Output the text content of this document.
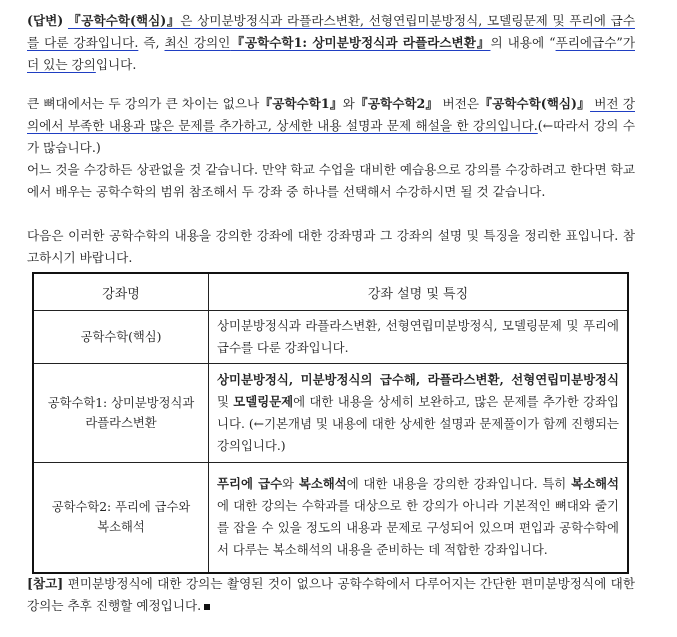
(답변) 『공학수학(핵심)』은 상미분방정식과 라플라스변환, 선형연립미분방정식, 모델링문제 및 푸리에 급수를 다룬 강좌입니다. 즉, 최신 강의인『공학수학1: 상미분방정식과 라플라스변환』의 내용에 “푸리에급수”가 더 있는 강의입니다.
큰 뼈대에서는 두 강의가 큰 차이는 없으나『공학수학1』와『공학수학2』 버전은『공학수학(핵심)』 버전 강의에서 부족한 내용과 많은 문제를 추가하고, 상세한 내용 설명과 문제 해설을 한 강의입니다.(←따라서 강의 수가 많습니다.)
어느 것을 수강하든 상관없을 것 같습니다. 만약 학교 수업을 대비한 예습용으로 강의를 수강하려고 한다면 학교에서 배우는 공학수학의 범위 참조해서 두 강좌 중 하나를 선택해서 수강하시면 될 것 같습니다.
다음은 이러한 공학수학의 내용을 강의한 강좌에 대한 강좌명과 그 강좌의 설명 및 특징을 정리한 표입니다. 참고하시기 바랍니다.
강좌명	강좌 설명 및 특징
공학수학(핵심)	상미분방정식과 라플라스변환, 선형연립미분방정식, 모델링문제 및 푸리에 급수를 다룬 강좌입니다.

공학수학1: 상미분방정식과
라플라스변환	상미분방정식, 미분방정식의 급수해, 라플라스변환, 선형연립미분방정식 및 모델링문제에 대한 내용을 상세히 보완하고, 많은 문제를 추가한 강좌입니다. (←기본개념 및 내용에 대한 상세한 설명과 문제풀이가 함께 진행되는 강의입니다.)

공학수학2: 푸리에 급수와
복소해석	푸리에 급수와 복소해석에 대한 내용을 강의한 강좌입니다. 특히 복소해석에 대한 강의는 수학과를 대상으로 한 강의가 아니라 기본적인 뼈대와 줄기를 잡을 수 있을 정도의 내용과 문제로 구성되어 있으며 편입과 공학수학에서 다루는 복소해석의 내용을 준비하는 데 적합한 강좌입니다.
[참고] 편미분방정식에 대한 강의는 촬영된 것이 없으나 공학수학에서 다루어지는 간단한 편미분방정식에 대한 강의는 추후 진행할 예정입니다.
